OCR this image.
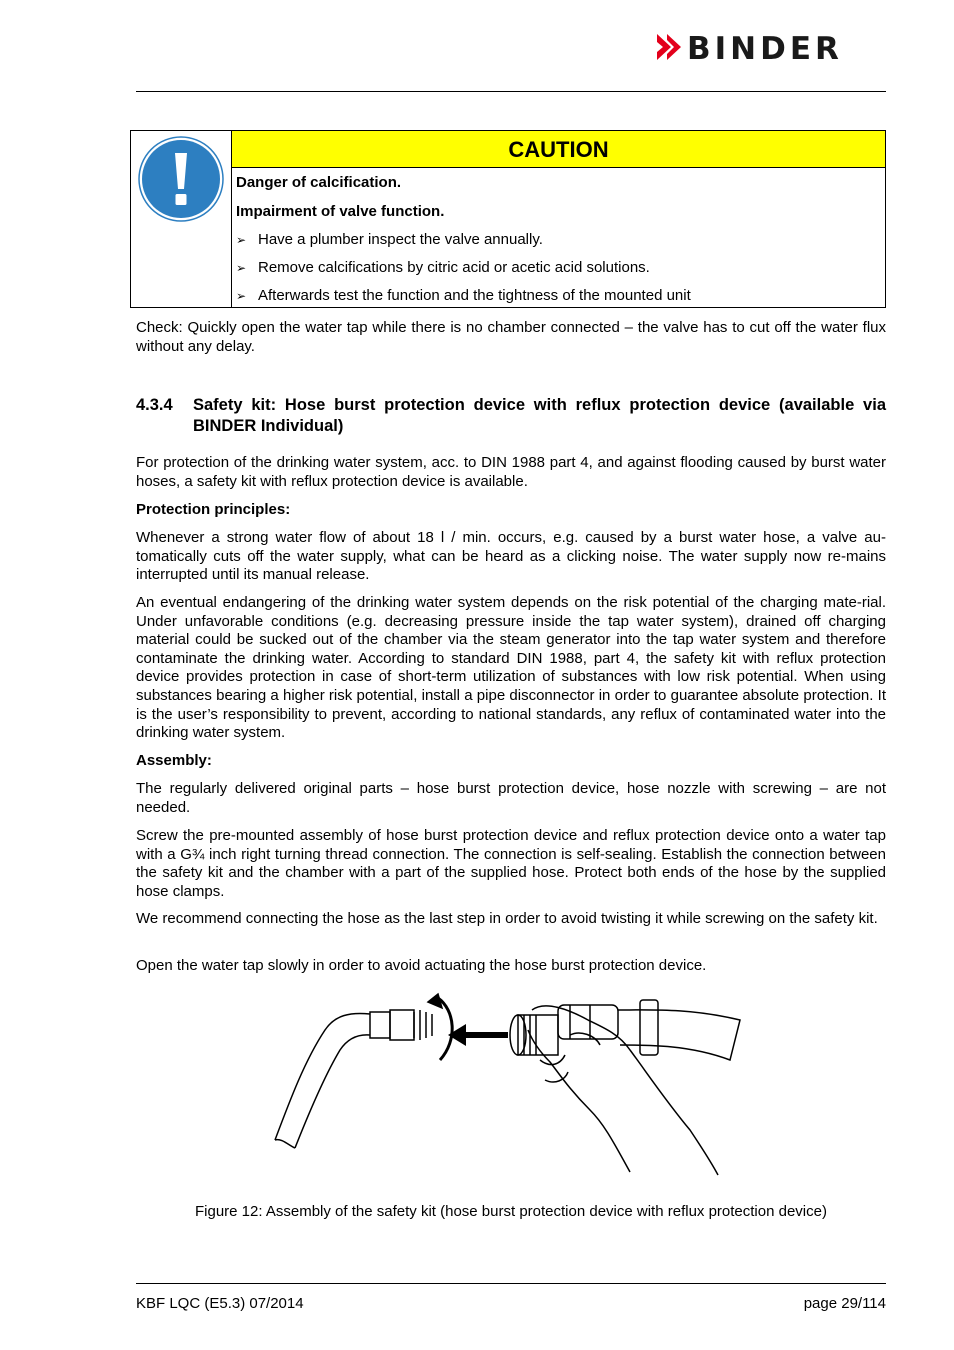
BINDER
CAUTION
Danger of calcification.
Impairment of valve function.
➢ Have a plumber inspect the valve annually.
➢ Remove calcifications by citric acid or acetic acid solutions.
➢ Afterwards test the function and the tightness of the mounted unit
Check: Quickly open the water tap while there is no chamber connected – the valve has to cut off the water flux without any delay.
4.3.4 Safety kit: Hose burst protection device with reflux protection device (available via BINDER Individual)
For protection of the drinking water system, acc. to DIN 1988 part 4, and against flooding caused by burst water hoses, a safety kit with reflux protection device is available.
Protection principles:
Whenever a strong water flow of about 18 l / min. occurs, e.g. caused by a burst water hose, a valve au-tomatically cuts off the water supply, what can be heard as a clicking noise. The water supply now re-mains interrupted until its manual release.
An eventual endangering of the drinking water system depends on the risk potential of the charging mate-rial. Under unfavorable conditions (e.g. decreasing pressure inside the tap water system), drained off charging material could be sucked out of the chamber via the steam generator into the tap water system and therefore contaminate the drinking water. According to standard DIN 1988, part 4, the safety kit with reflux protection device provides protection in case of short-term utilization of substances with low risk potential. When using substances bearing a higher risk potential, install a pipe disconnector in order to guarantee absolute protection. It is the user’s responsibility to prevent, according to national standards, any reflux of contaminated water into the drinking water system.
Assembly:
The regularly delivered original parts – hose burst protection device, hose nozzle with screwing – are not needed.
Screw the pre-mounted assembly of hose burst protection device and reflux protection device onto a water tap with a G¾ inch right turning thread connection. The connection is self-sealing. Establish the connection between the safety kit and the chamber with a part of the supplied hose. Protect both ends of the hose by the supplied hose clamps.
We recommend connecting the hose as the last step in order to avoid twisting it while screwing on the safety kit.
Open the water tap slowly in order to avoid actuating the hose burst protection device.
Figure 12: Assembly of the safety kit (hose burst protection device with reflux protection device)
KBF LQC (E5.3) 07/2014	page 29/114
